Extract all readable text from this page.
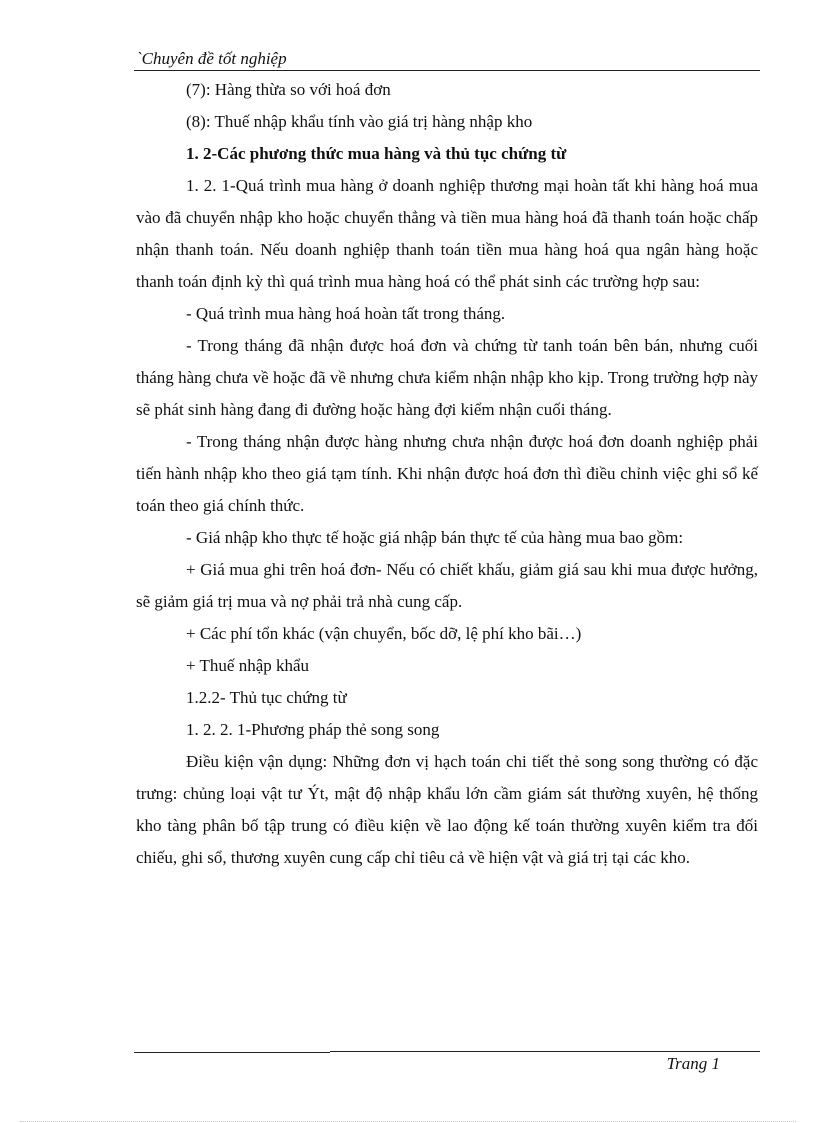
`Chuyên đề tốt nghiệp

(7): Hàng thừa so với hoá đơn

(8): Thuế nhập khẩu tính vào giá trị hàng nhập kho

1. 2-Các phương thức mua hàng và thủ tục chứng từ

1. 2. 1-Quá trình mua hàng ở doanh nghiệp thương mại hoàn tất khi hàng hoá mua vào đã chuyển nhập kho hoặc chuyển thẳng và tiền mua hàng hoá đã thanh toán hoặc chấp nhận thanh toán. Nếu doanh nghiệp thanh toán tiền mua hàng hoá qua ngân hàng hoặc thanh toán định kỳ thì quá trình mua hàng hoá có thể phát sinh các trường hợp sau:

- Quá trình mua hàng hoá hoàn tất trong tháng.

- Trong tháng đã nhận được hoá đơn và chứng từ tanh toán bên bán, nhưng cuối tháng hàng chưa về hoặc đã về nhưng chưa kiểm nhận nhập kho kịp. Trong trường hợp này sẽ phát sinh hàng đang đi đường hoặc hàng đợi kiểm nhận cuối tháng.

- Trong tháng nhận được hàng nhưng chưa nhận được hoá đơn doanh nghiệp phải tiến hành nhập kho theo giá tạm tính. Khi nhận được hoá đơn thì điều chỉnh việc ghi sổ kế toán theo giá chính thức.

- Giá nhập kho thực tế hoặc giá nhập bán thực tế của hàng mua bao gồm:

+ Giá mua ghi trên hoá đơn- Nếu có chiết khấu, giảm giá sau khi mua được hưởng, sẽ giảm giá trị mua và nợ phải trả nhà cung cấp.

+ Các phí tổn khác (vận chuyển, bốc dỡ, lệ phí kho bãi…)

+ Thuế nhập khẩu

1.2.2- Thủ tục chứng từ

1. 2. 2. 1-Phương pháp thẻ song song

Điều kiện vận dụng: Những đơn vị hạch toán chi tiết thẻ song song thường có đặc trưng: chủng loại vật tư Ýt, mật độ nhập khẩu lớn cầm giám sát thường xuyên, hệ thống kho tàng phân bố tập trung có điều kiện về lao động kế toán thường xuyên kiểm tra đối chiếu, ghi sổ, thương xuyên cung cấp chỉ tiêu cả về hiện vật và giá trị tại các kho.

Trang 1
